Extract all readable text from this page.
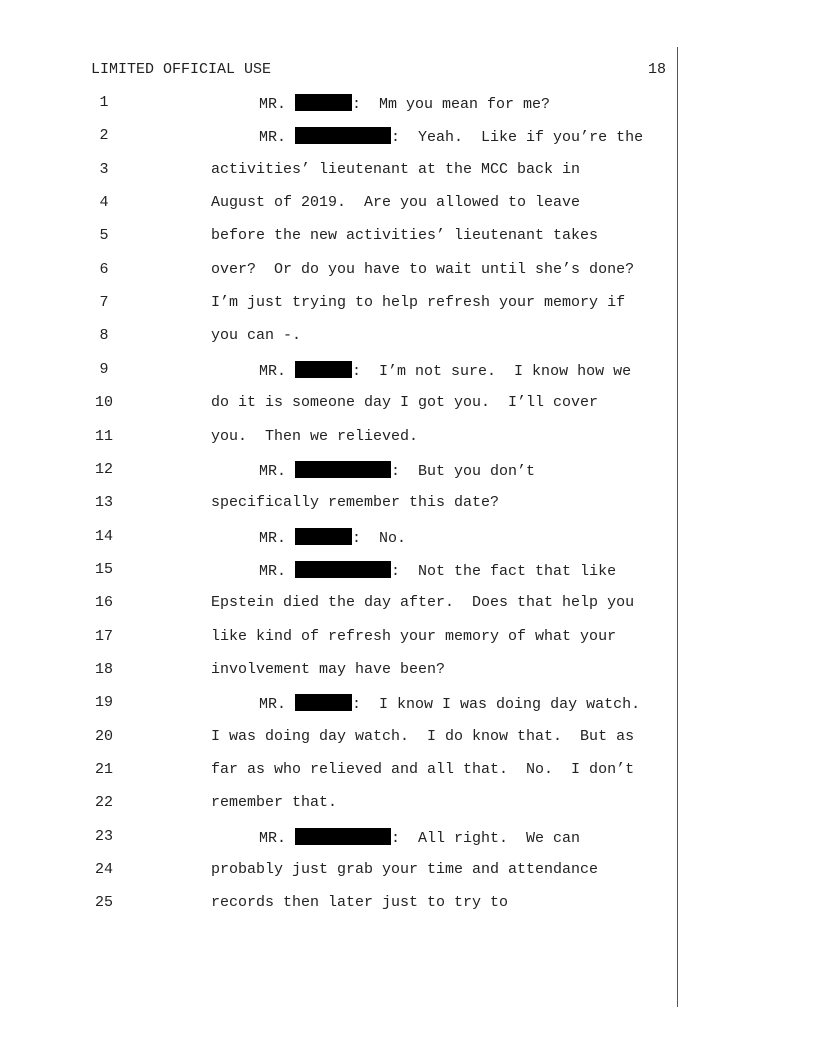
LIMITED OFFICIAL USE	18
1	MR.	:  Mm you mean for me?
2	MR.	:  Yeah.  Like if you’re the
3	activities’ lieutenant at the MCC back in
4	August of 2019.  Are you allowed to leave
5	before the new activities’ lieutenant takes
6	over?  Or do you have to wait until she’s done?
7	I’m just trying to help refresh your memory if
8	you can -.
9	MR.	:  I’m not sure.  I know how we
10	do it is someone day I got you.  I’ll cover
11	you.  Then we relieved.
12	MR.	:  But you don’t
13	specifically remember this date?
14	MR.	:  No.
15	MR.	:  Not the fact that like
16	Epstein died the day after.  Does that help you
17	like kind of refresh your memory of what your
18	involvement may have been?
19	MR.	:  I know I was doing day watch.
20	I was doing day watch.  I do know that.  But as
21	far as who relieved and all that.  No.  I don’t
22	remember that.
23	MR.	:  All right.  We can
24	probably just grab your time and attendance
25	records then later just to try to
